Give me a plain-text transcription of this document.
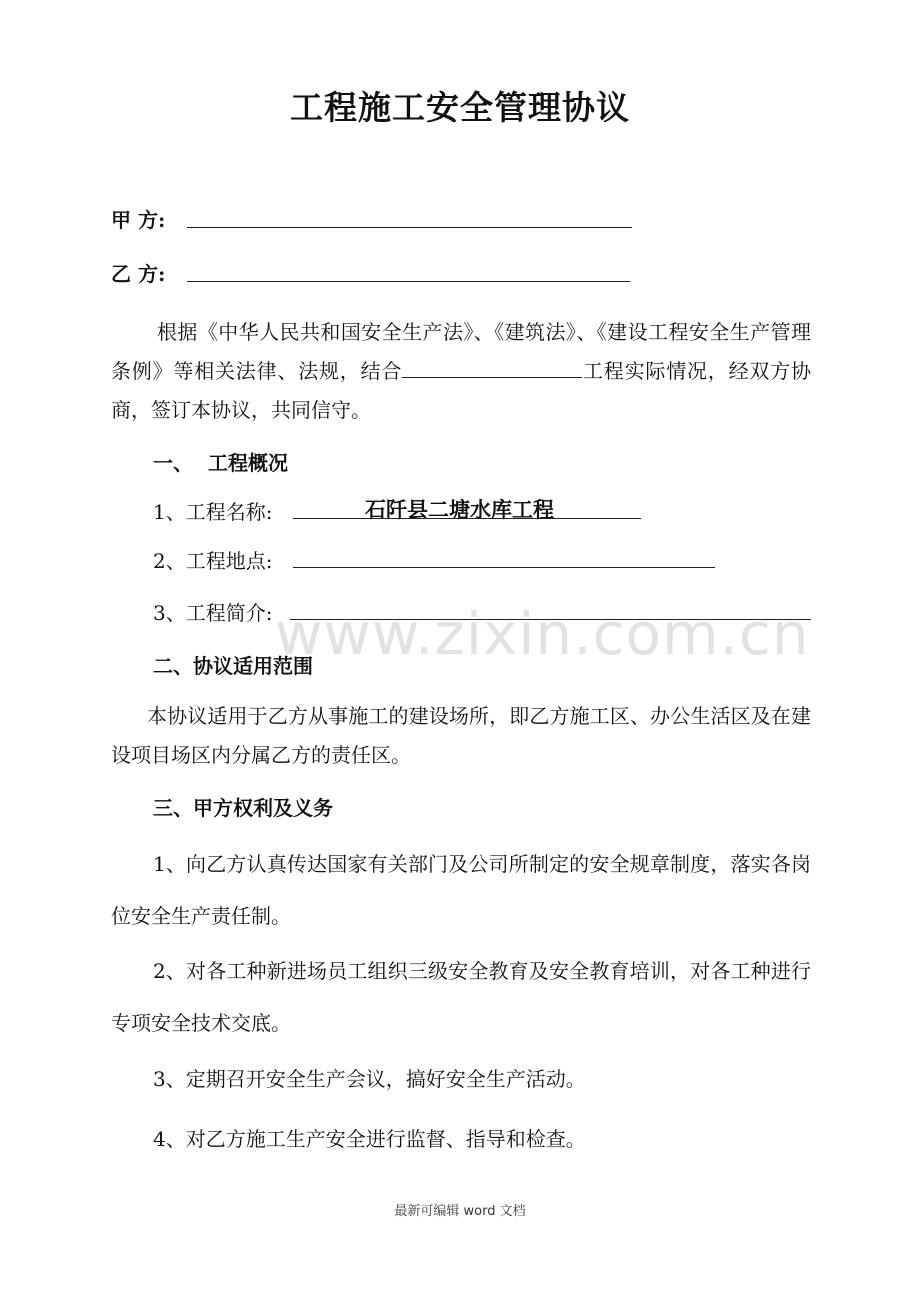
工程施工安全管理协议
甲 方:
乙 方:
根据《中华人民共和国安全生产法》、《建筑法》、《建设工程安全生产管理条例》等相关法律、法规，结合	工程实际情况，经双方协商，签订本协议，共同信守。
一、 工程概况
1、工程名称:	石阡县二塘水库工程
2、工程地点:
3、工程简介:
二、协议适用范围
本协议适用于乙方从事施工的建设场所，即乙方施工区、办公生活区及在建设项目场区内分属乙方的责任区。
三、甲方权利及义务
1、向乙方认真传达国家有关部门及公司所制定的安全规章制度，落实各岗位安全生产责任制。
2、对各工种新进场员工组织三级安全教育及安全教育培训，对各工种进行专项安全技术交底。
3、定期召开安全生产会议，搞好安全生产活动。
4、对乙方施工生产安全进行监督、指导和检查。
www.zixin.com.cn
最新可编辑 word 文档
